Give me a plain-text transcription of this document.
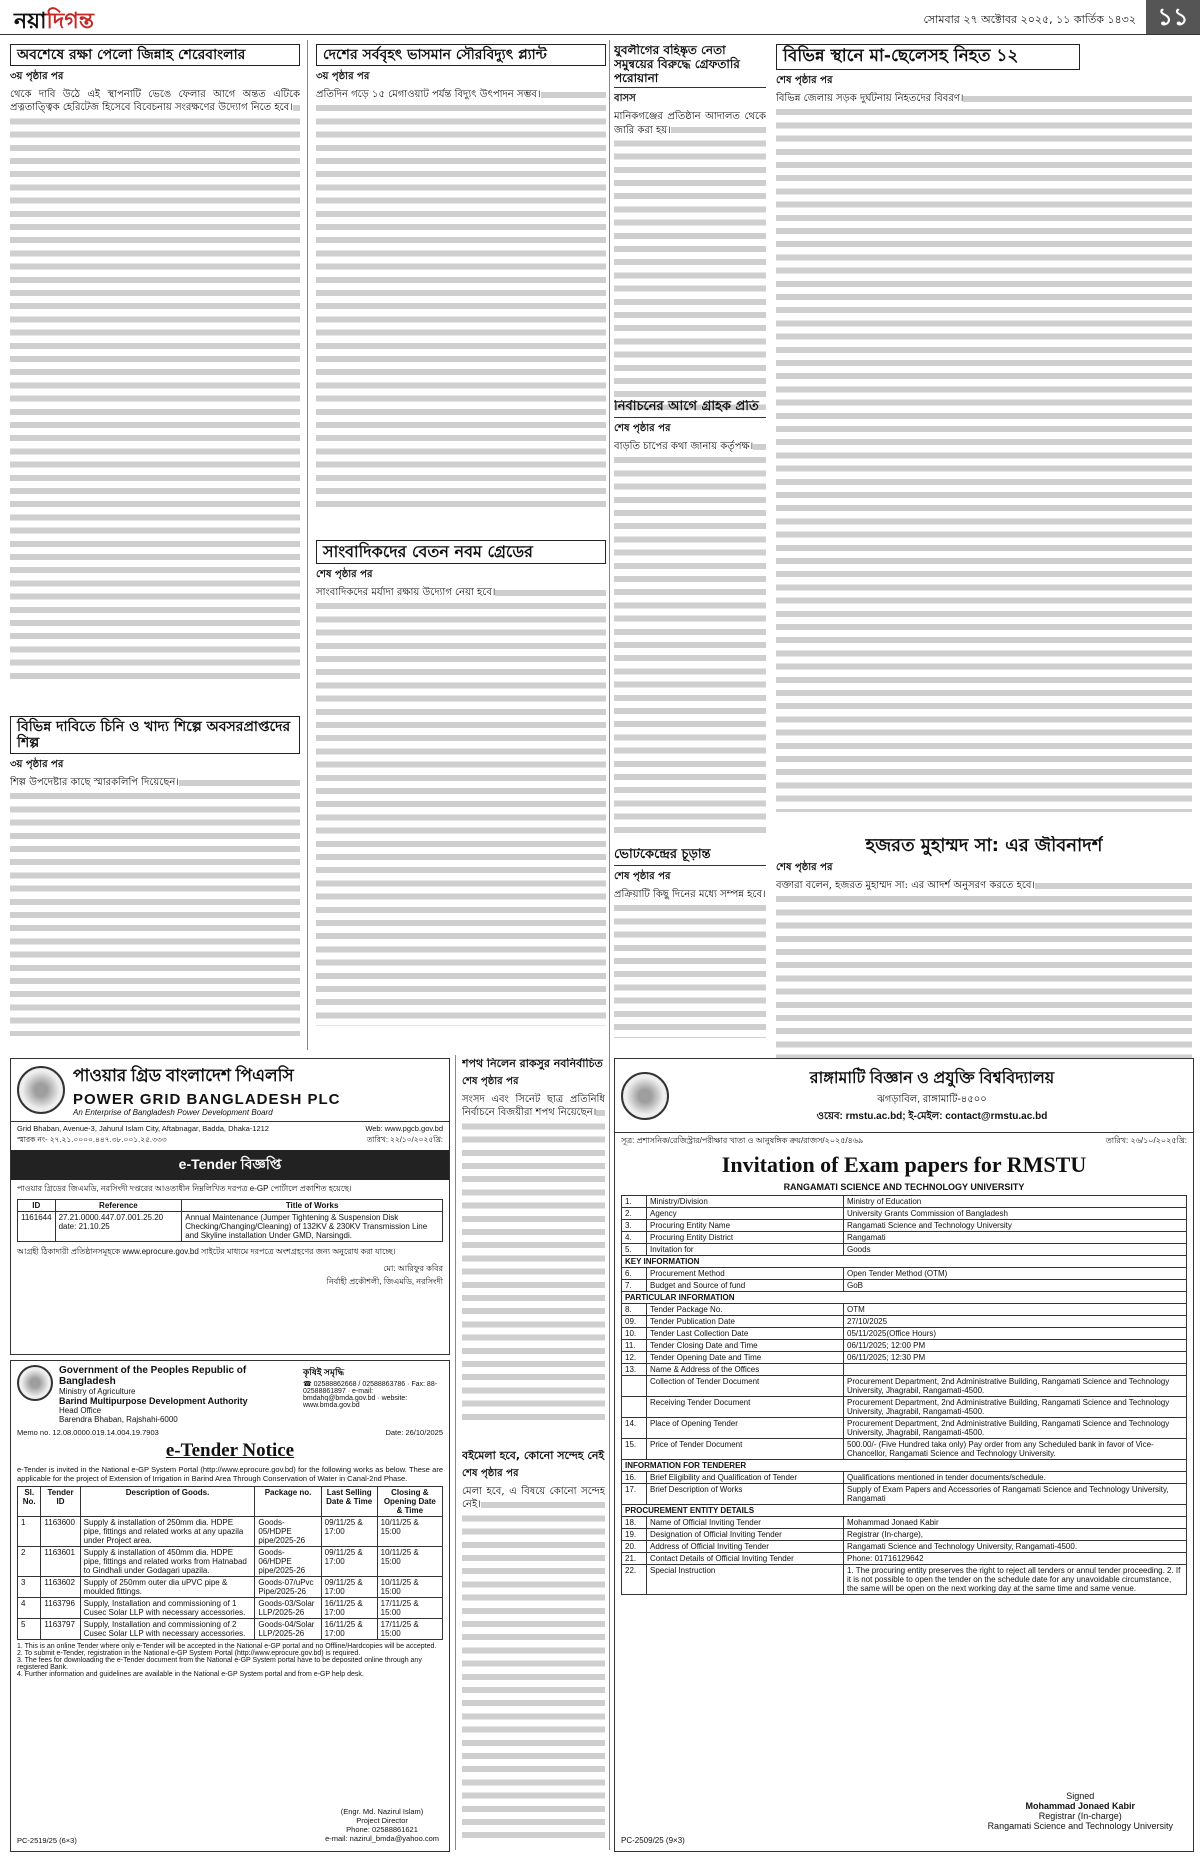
নয়াদিগন্ত	সোমবার ২৭ অক্টোবর ২০২৫, ১১ কার্তিক ১৪৩২ ১১
অবশেষে রক্ষা পেলো জিন্নাহ শেরেবাংলার
৩য় পৃষ্ঠার পর

থেকে দাবি উঠে এই স্থাপনাটি ভেঙে ফেলার আগে অন্তত এটিকে প্রত্নতাত্ত্বিক হেরিটেজ হিসেবে বিবেচনায় সংরক্ষণের উদ্যোগ নিতে হবে।

বিভিন্ন দাবিতে চিনি ও খাদ্য শিল্পে অবসরপ্রাপ্তদের শিল্প
৩য় পৃষ্ঠার পর

শিল্প উপদেষ্টার কাছে স্মারকলিপি দিয়েছেন।

দেশের সর্ববৃহৎ ভাসমান সৌরবিদ্যুৎ প্ল্যান্ট
৩য় পৃষ্ঠার পর

প্রতিদিন গড়ে ১৫ মেগাওয়াট পর্যন্ত বিদ্যুৎ উৎপাদন সম্ভব।

সাংবাদিকদের বেতন নবম গ্রেডের
শেষ পৃষ্ঠার পর

সাংবাদিকদের মর্যাদা রক্ষায় উদ্যোগ নেয়া হবে।

যুবলীগের বহিষ্কৃত নেতা সমুন্বয়ের বিরুদ্ধে গ্রেফতারি পরোয়ানা
বাসস

মানিকগঞ্জের প্রতিষ্ঠান আদালত থেকে জারি করা হয়।

নির্বাচনের আগে গ্রাহক প্রতি
শেষ পৃষ্ঠার পর

বাড়তি চাপের কথা জানায় কর্তৃপক্ষ।

ভোটকেন্দ্রের চূড়ান্ত
শেষ পৃষ্ঠার পর

প্রক্রিয়াটি কিছু দিনের মধ্যে সম্পন্ন হবে।

বিভিন্ন স্থানে মা-ছেলেসহ নিহত ১২
শেষ পৃষ্ঠার পর

বিভিন্ন জেলায় সড়ক দুর্ঘটনায় নিহতদের বিবরণ।

হজরত মুহাম্মদ সা: এর জীবনাদর্শ
শেষ পৃষ্ঠার পর

বক্তারা বলেন, হজরত মুহাম্মদ সা: এর আদর্শ অনুসরণ করতে হবে।

পাওয়ার গ্রিড বাংলাদেশ পিএলসি
POWER GRID BANGLADESH PLC
An Enterprise of Bangladesh Power Development Board
Grid Bhaban, Avenue-3, Jahurul Islam City, Aftabnagar, Badda, Dhaka-1212	Web: www.pgcb.gov.bd
স্মারক নং- ২৭.২১.০০০০.৪৪৭.৩৮.০০১.২৫.৩৩৩	তারিখ: ২২/১০/২০২৫খ্রি:
e-Tender বিজ্ঞপ্তি
পাওয়ার গ্রিডের জিএমডি, নরসিংদী দপ্তরের আওতাধীন নিম্নলিখিত দরপত্র e-GP পোর্টালে প্রকাশিত হয়েছে।
ID	Reference	Title of Works
1161644	27.21.0000.447.07.001.25.20 date: 21.10.25	Annual Maintenance (Jumper Tightening & Suspension Disk Checking/Changing/Cleaning) of 132KV & 230KV Transmission Line and Skyline installation Under GMD, Narsingdi.
আগ্রহী ঠিকাদারী প্রতিষ্ঠানসমূহকে www.eprocure.gov.bd সাইটের মাধ্যমে দরপত্রে অংশগ্রহণের জন্য অনুরোধ করা যাচ্ছে।
মো: আরিফুর কবির
নির্বাহী প্রকৌশলী, জিএমডি, নরসিংদী
Government of the Peoples Republic of Bangladesh
Ministry of Agriculture
Barind Multipurpose Development Authority
Head Office
Barendra Bhaban, Rajshahi-6000
কৃষিই সমৃদ্ধি
☎ 02588862668 / 02588863786 · Fax: 88-02588861897 · e-mail: bmdahq@bmda.gov.bd · website: www.bmda.gov.bd
Memo no. 12.08.0000.019.14.004.19.7903	Date: 26/10/2025
e-Tender Notice
e-Tender is invited in the National e-GP System Portal (http://www.eprocure.gov.bd) for the following works as below. These are applicable for the project of Extension of Irrigation in Barind Area Through Conservation of Water in Canal-2nd Phase.
Sl. No.	Tender ID	Description of Goods.	Package no.	Last Selling Date & Time	Closing & Opening Date & Time
1	1163600	Supply & installation of 250mm dia. HDPE pipe, fittings and related works at any upazila under Project area.	Goods-05/HDPE pipe/2025-26	09/11/25 & 17:00	10/11/25 & 15:00
2	1163601	Supply & installation of 450mm dia. HDPE pipe, fittings and related works from Hatnabad to Gindhali under Godagari upazila.	Goods-06/HDPE pipe/2025-26	09/11/25 & 17:00	10/11/25 & 15:00
3	1163602	Supply of 250mm outer dia uPVC pipe & moulded fittings.	Goods-07/uPvc Pipe/2025-26	09/11/25 & 17:00	10/11/25 & 15:00
4	1163796	Supply, Installation and commissioning of 1 Cusec Solar LLP with necessary accessories.	Goods-03/Solar LLP/2025-26	16/11/25 & 17:00	17/11/25 & 15:00
5	1163797	Supply, Installation and commissioning of 2 Cusec Solar LLP with necessary accessories.	Goods-04/Solar LLP/2025-26	16/11/25 & 17:00	17/11/25 & 15:00
1. This is an online Tender where only e-Tender will be accepted in the National e-GP portal and no Offline/Hardcopies will be accepted.
2. To submit e-Tender, registration in the National e-GP System Portal (http://www.eprocure.gov.bd) is required.
3. The fees for downloading the e-Tender document from the National e-GP System portal have to be deposited online through any registered Bank.
4. Further information and guidelines are available in the National e-GP System portal and from e-GP help desk.
(Engr. Md. Nazirul Islam)
Project Director
Phone: 02588861621
e-mail: nazirul_bmda@yahoo.com
PC-2519/25 (6×3)
শপথ নিলেন রাকসুর নবনির্বাচিত
শেষ পৃষ্ঠার পর

সংসদ এবং সিনেট ছাত্র প্রতিনিধি নির্বাচনে বিজয়ীরা শপথ নিয়েছেন।

বইমেলা হবে, কোনো সন্দেহ নেই
শেষ পৃষ্ঠার পর

মেলা হবে, এ বিষয়ে কোনো সন্দেহ নেই।

রাঙ্গামাটি বিজ্ঞান ও প্রযুক্তি বিশ্ববিদ্যালয়
ঝগড়াবিল, রাঙ্গামাটি-৪৫০০
ওয়েব: rmstu.ac.bd; ই-মেইল: contact@rmstu.ac.bd
সূত্র: প্রশাসনিক/রেজিস্ট্রার/পরীক্ষার খাতা ও আনুষঙ্গিক ক্রয়/রাজস/২০২৫/৪৬৯	তারিখ: ২৬/১০/২০২৫খ্রি:
Invitation of Exam papers for RMSTU
RANGAMATI SCIENCE AND TECHNOLOGY UNIVERSITY
1.	Ministry/Division	Ministry of Education
2.	Agency	University Grants Commission of Bangladesh
3.	Procuring Entity Name	Rangamati Science and Technology University
4.	Procuring Entity District	Rangamati
5.	Invitation for	Goods
KEY INFORMATION		
6.	Procurement Method	Open Tender Method (OTM)
7.	Budget and Source of fund	GoB
PARTICULAR INFORMATION		
8.	Tender Package No.	OTM
09.	Tender Publication Date	27/10/2025
10.	Tender Last Collection Date	05/11/2025(Office Hours)
11.	Tender Closing Date and Time	06/11/2025; 12:00 PM
12.	Tender Opening Date and Time	06/11/2025; 12:30 PM
13.	Name & Address of the Offices	
	Collection of Tender Document	Procurement Department, 2nd Administrative Building, Rangamati Science and Technology University, Jhagrabil, Rangamati-4500.
	Receiving Tender Document	Procurement Department, 2nd Administrative Building, Rangamati Science and Technology University, Jhagrabil, Rangamati-4500.
14.	Place of Opening Tender	Procurement Department, 2nd Administrative Building, Rangamati Science and Technology University, Jhagrabil, Rangamati-4500.
15.	Price of Tender Document	500.00/- (Five Hundred taka only) Pay order from any Scheduled bank in favor of Vice-Chancellor, Rangamati Science and Technology University.
INFORMATION FOR TENDERER		
16.	Brief Eligibility and Qualification of Tender	Qualifications mentioned in tender documents/schedule.
17.	Brief Description of Works	Supply of Exam Papers and Accessories of Rangamati Science and Technology University, Rangamati
PROCUREMENT ENTITY DETAILS		
18.	Name of Official Inviting Tender	Mohammad Jonaed Kabir
19.	Designation of Official Inviting Tender	Registrar (In-charge),
20.	Address of Official Inviting Tender	Rangamati Science and Technology University, Rangamati-4500.
21.	Contact Details of Official Inviting Tender	Phone: 01716129642
22.	Special Instruction	1. The procuring entity preserves the right to reject all tenders or annul tender proceeding. 2. If it is not possible to open the tender on the schedule date for any unavoidable circumstance, the same will be open on the next working day at the same time and same venue.
Signed
Mohammad Jonaed Kabir
Registrar (In-charge)
Rangamati Science and Technology University
PC-2509/25 (9×3)
